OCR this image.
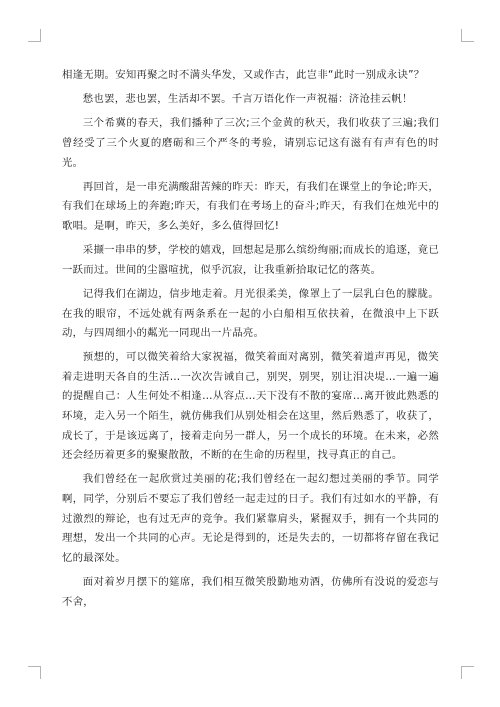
相逢无期。安知再聚之时不满头华发，又或作古，此岂非“此时一别成永诀”？

愁也罢，悲也罢，生活却不罢。千言万语化作一声祝福：济沧挂云帆！

三个希冀的春天，我们播种了三次;三个金黄的秋天，我们收获了三遍;我们曾经受了三个火夏的磨砺和三个严冬的考验，请别忘记这有滋有有声有色的时光。

再回首，是一串充满酸甜苦辣的昨天：昨天，有我们在课堂上的争论;昨天，有我们在球场上的奔跑;昨天，有我们在考场上的奋斗;昨天，有我们在烛光中的歌唱。是啊，昨天，多么美好，多么值得回忆!

采撷一串串的梦，学校的嬉戏，回想起是那么缤纷绚丽;而成长的追逐，竟已一跃而过。世间的尘嚣喧扰，似乎沉寂，让我重新拾取记忆的落英。

记得我们在湖边，信步地走着。月光很柔美，像罩上了一层乳白色的朦胧。在我的眼帘，不远处就有两条系在一起的小白船相互依扶着，在微浪中上下跃动，与四周细小的粼光一同现出一片晶亮。

预想的，可以微笑着给大家祝福，微笑着面对离别，微笑着道声再见，微笑着走进明天各自的生活…一次次告诫自己，别哭，别哭，别让泪决堤…一遍一遍的提醒自己：人生何处不相逢…从容点…天下没有不散的宴席…离开彼此熟悉的环境，走入另一个陌生，就仿佛我们从别处相会在这里，然后熟悉了，收获了，成长了，于是该远离了，接着走向另一群人，另一个成长的环境。在未来，必然还会经历着更多的聚聚散散，不断的在生命的历程里，找寻真正的自己。

我们曾经在一起欣赏过美丽的花;我们曾经在一起幻想过美丽的季节。同学啊，同学，分别后不要忘了我们曾经一起走过的日子。我们有过如水的平静，有过激烈的辩论，也有过无声的竞争。我们紧靠肩头，紧握双手，拥有一个共同的理想，发出一个共同的心声。无论是得到的，还是失去的，一切都将存留在我记忆的最深处。

面对着岁月摆下的筵席，我们相互微笑殷勤地劝酒，仿佛所有没说的爱恋与不舍，
